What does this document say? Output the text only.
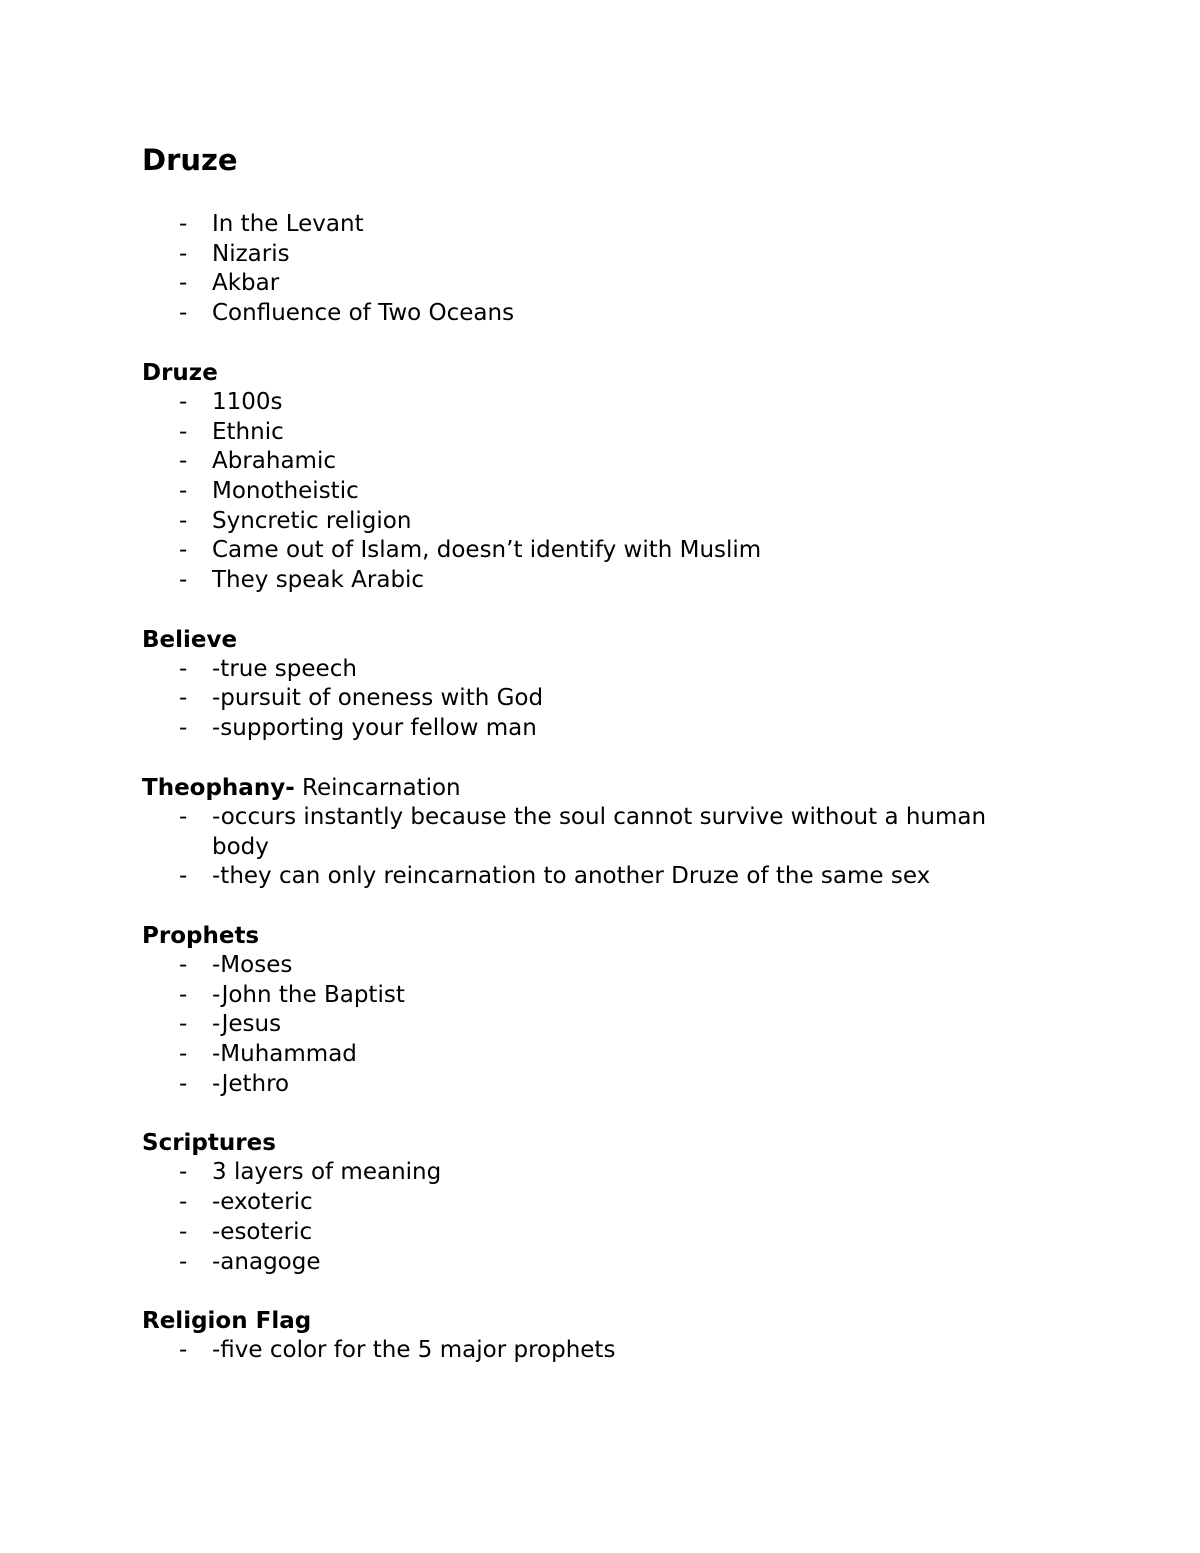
Druze
- In the Levant
- Nizaris
- Akbar
- Confluence of Two Oceans
Druze
- 1100s
- Ethnic
- Abrahamic
- Monotheistic
- Syncretic religion
- Came out of Islam, doesn’t identify with Muslim
- They speak Arabic
Believe
- -true speech
- -pursuit of oneness with God
- -supporting your fellow man
Theophany- Reincarnation
- -occurs instantly because the soul cannot survive without a human body
- -they can only reincarnation to another Druze of the same sex
Prophets
- -Moses
- -John the Baptist
- -Jesus
- -Muhammad
- -Jethro
Scriptures
- 3 layers of meaning
- -exoteric
- -esoteric
- -anagoge
Religion Flag
- -five color for the 5 major prophets
